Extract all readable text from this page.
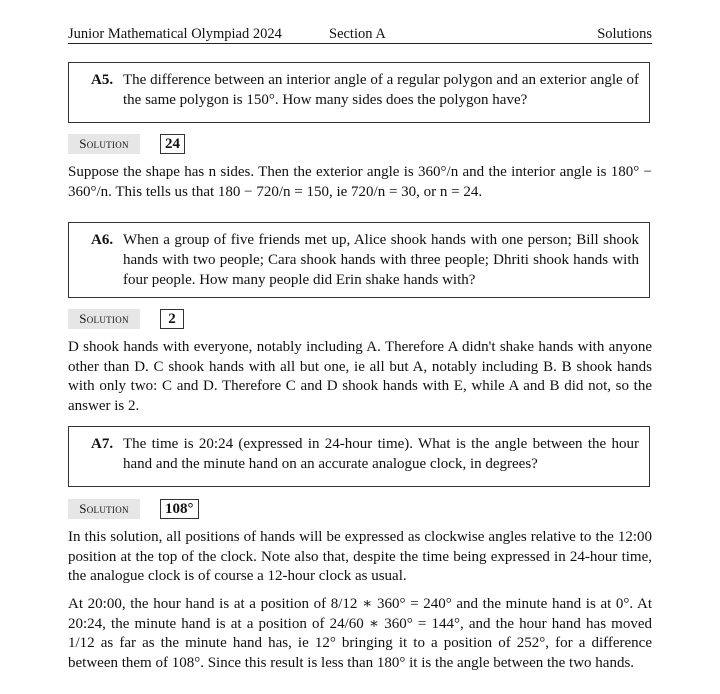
Junior Mathematical Olympiad 2024	Section A	Solutions
A5. The difference between an interior angle of a regular polygon and an exterior angle of the same polygon is 150°. How many sides does the polygon have?
Solution	24

Suppose the shape has n sides. Then the exterior angle is 360°/n and the interior angle is 180° − 360°/n. This tells us that 180 − 720/n = 150, ie 720/n = 30, or n = 24.

A6. When a group of five friends met up, Alice shook hands with one person; Bill shook hands with two people; Cara shook hands with three people; Dhriti shook hands with four people. How many people did Erin shake hands with?
Solution	2

D shook hands with everyone, notably including A. Therefore A didn't shake hands with anyone other than D. C shook hands with all but one, ie all but A, notably including B. B shook hands with only two: C and D. Therefore C and D shook hands with E, while A and B did not, so the answer is 2.

A7. The time is 20:24 (expressed in 24-hour time). What is the angle between the hour hand and the minute hand on an accurate analogue clock, in degrees?
Solution	108°

In this solution, all positions of hands will be expressed as clockwise angles relative to the 12:00 position at the top of the clock. Note also that, despite the time being expressed in 24-hour time, the analogue clock is of course a 12-hour clock as usual.

At 20:00, the hour hand is at a position of 8/12 ∗ 360° = 240° and the minute hand is at 0°. At 20:24, the minute hand is at a position of 24/60 ∗ 360° = 144°, and the hour hand has moved 1/12 as far as the minute hand has, ie 12° bringing it to a position of 252°, for a difference between them of 108°. Since this result is less than 180° it is the angle between the two hands.
